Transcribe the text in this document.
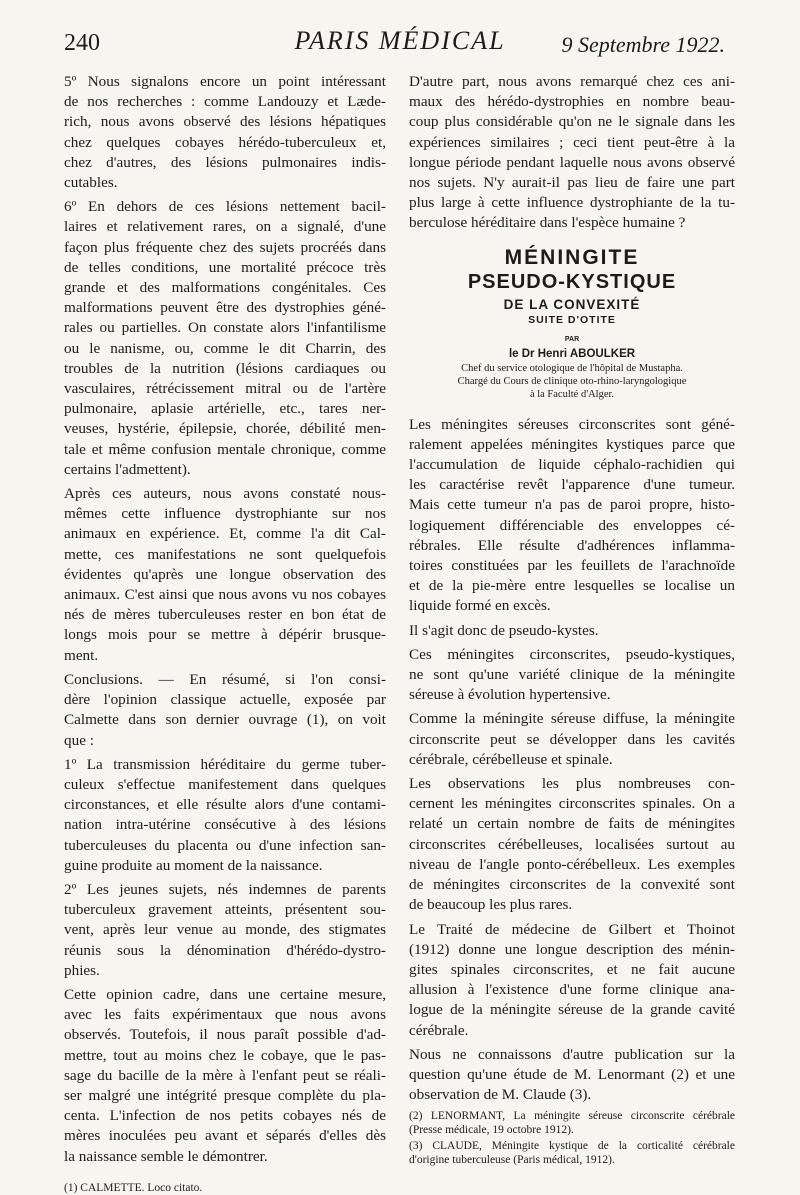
240	PARIS MÉDICAL	9 Septembre 1922.
5º Nous signalons encore un point intéressant
de nos recherches : comme Landouzy et Læde-
rich, nous avons observé des lésions hépatiques
chez quelques cobayes hérédo-tuberculeux et,
chez d'autres, des lésions pulmonaires indis-
cutables.
6º En dehors de ces lésions nettement bacil-
laires et relativement rares, on a signalé, d'une
façon plus fréquente chez des sujets procréés dans
de telles conditions, une mortalité précoce très
grande et des malformations congénitales. Ces
malformations peuvent être des dystrophies géné-
rales ou partielles. On constate alors l'infantilisme
ou le nanisme, ou, comme le dit Charrin, des
troubles de la nutrition (lésions cardiaques ou
vasculaires, rétrécissement mitral ou de l'artère
pulmonaire, aplasie artérielle, etc., tares ner-
veuses, hystérie, épilepsie, chorée, débilité men-
tale et même confusion mentale chronique, comme
certains l'admettent).
Après ces auteurs, nous avons constaté nous-
mêmes cette influence dystrophiante sur nos
animaux en expérience. Et, comme l'a dit Cal-
mette, ces manifestations ne sont quelquefois
évidentes qu'après une longue observation des
animaux. C'est ainsi que nous avons vu nos cobayes
nés de mères tuberculeuses rester en bon état de
longs mois pour se mettre à dépérir brusque-
ment.
Conclusions. — En résumé, si l'on consi-
dère l'opinion classique actuelle, exposée par
Calmette dans son dernier ouvrage (1), on voit
que :
1º La transmission héréditaire du germe tuber-
culeux s'effectue manifestement dans quelques
circonstances, et elle résulte alors d'une contami-
nation intra-utérine consécutive à des lésions
tuberculeuses du placenta ou d'une infection san-
guine produite au moment de la naissance.
2º Les jeunes sujets, nés indemnes de parents
tuberculeux gravement atteints, présentent sou-
vent, après leur venue au monde, des stigmates
réunis sous la dénomination d'hérédo-dystro-
phies.
Cette opinion cadre, dans une certaine mesure,
avec les faits expérimentaux que nous avons
observés. Toutefois, il nous paraît possible d'ad-
mettre, tout au moins chez le cobaye, que le pas-
sage du bacille de la mère à l'enfant peut se réali-
ser malgré une intégrité presque complète du pla-
centa. L'infection de nos petits cobayes nés de
mères inoculées peu avant et séparés d'elles dès
la naissance semble le démontrer.
(1) CALMETTE. Loco citato.
D'autre part, nous avons remarqué chez ces ani-
maux des hérédo-dystrophies en nombre beau-
coup plus considérable qu'on ne le signale dans les
expériences similaires ; ceci tient peut-être à la
longue période pendant laquelle nous avons observé
nos sujets. N'y aurait-il pas lieu de faire une part
plus large à cette influence dystrophiante de la tu-
berculose héréditaire dans l'espèce humaine ?
MÉNINGITE
PSEUDO-KYSTIQUE
DE LA CONVEXITÉ
SUITE D'OTITE
PAR
le Dr Henri ABOULKER
Chef du service otologique de l'hôpital de Mustapha.
Chargé du Cours de clinique oto-rhino-laryngologique
à la Faculté d'Alger.
Les méningites séreuses circonscrites sont géné-
ralement appelées méningites kystiques parce que
l'accumulation de liquide céphalo-rachidien qui
les caractérise revêt l'apparence d'une tumeur.
Mais cette tumeur n'a pas de paroi propre, histo-
logiquement différenciable des enveloppes cé-
rébrales. Elle résulte d'adhérences inflamma-
toires constituées par les feuillets de l'arachnoïde
et de la pie-mère entre lesquelles se localise un
liquide formé en excès.
Il s'agit donc de pseudo-kystes.
Ces méningites circonscrites, pseudo-kystiques,
ne sont qu'une variété clinique de la méningite
séreuse à évolution hypertensive.
Comme la méningite séreuse diffuse, la méningite
circonscrite peut se développer dans les cavités
cérébrale, cérébelleuse et spinale.
Les observations les plus nombreuses con-
cernent les méningites circonscrites spinales. On a
relaté un certain nombre de faits de méningites
circonscrites cérébelleuses, localisées surtout au
niveau de l'angle ponto-cérébelleux. Les exemples
de méningites circonscrites de la convexité sont
de beaucoup les plus rares.
Le Traité de médecine de Gilbert et Thoinot
(1912) donne une longue description des ménin-
gites spinales circonscrites, et ne fait aucune
allusion à l'existence d'une forme clinique ana-
logue de la méningite séreuse de la grande cavité
cérébrale.
Nous ne connaissons d'autre publication sur la
question qu'une étude de M. Lenormant (2) et une
observation de M. Claude (3).
(2) LENORMANT, La méningite séreuse circonscrite cérébrale
(Presse médicale, 19 octobre 1912).
(3) CLAUDE, Méningite kystique de la corticalité cérébrale
d'origine tuberculeuse (Paris médical, 1912).
